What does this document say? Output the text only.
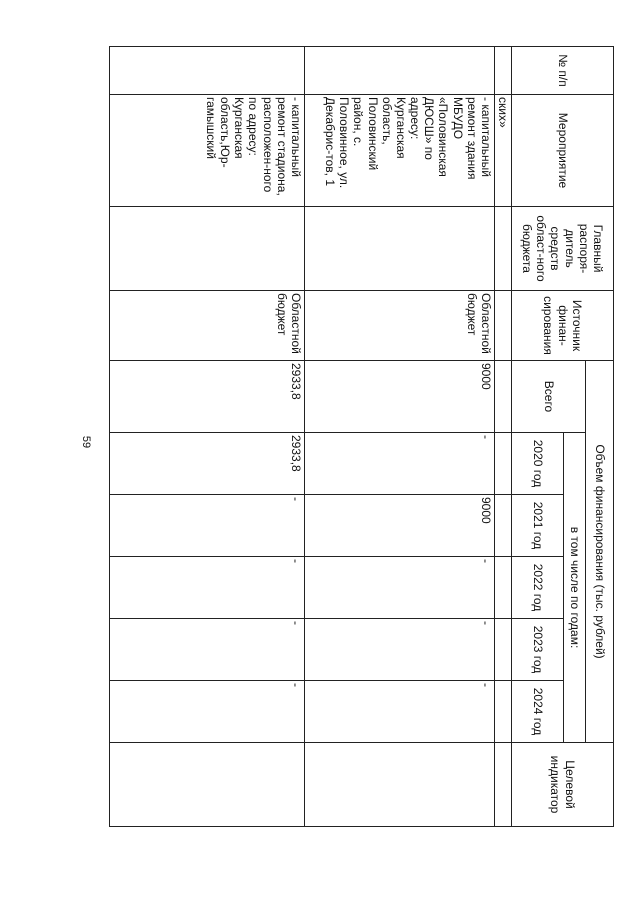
59
№ п/п	Мероприятие	Главный распоря-дитель средств област-ного бюджета	Источник финан-сирования	Объем финансирования (тыс. рублей)						Целевой индикатор
				Всего	в том числе по годам:					
					2020 год	2021 год	2022 год	2023 год	2024 год	
	ских»									
	- капитальный ремонт здания МБУДО «Половинская ДЮСШ» по адресу: Курганская область, Половинский район, с. Половинное, ул. Декабрис-тов, 1		Областной бюджет	9000	-	9000	-	-	-	
	- капитальный ремонт стадиона, расположен-ного по адресу: Курганская область,Юр-гамышский		Областной бюджет	2933,8	2933,8	-	-	-	-	
